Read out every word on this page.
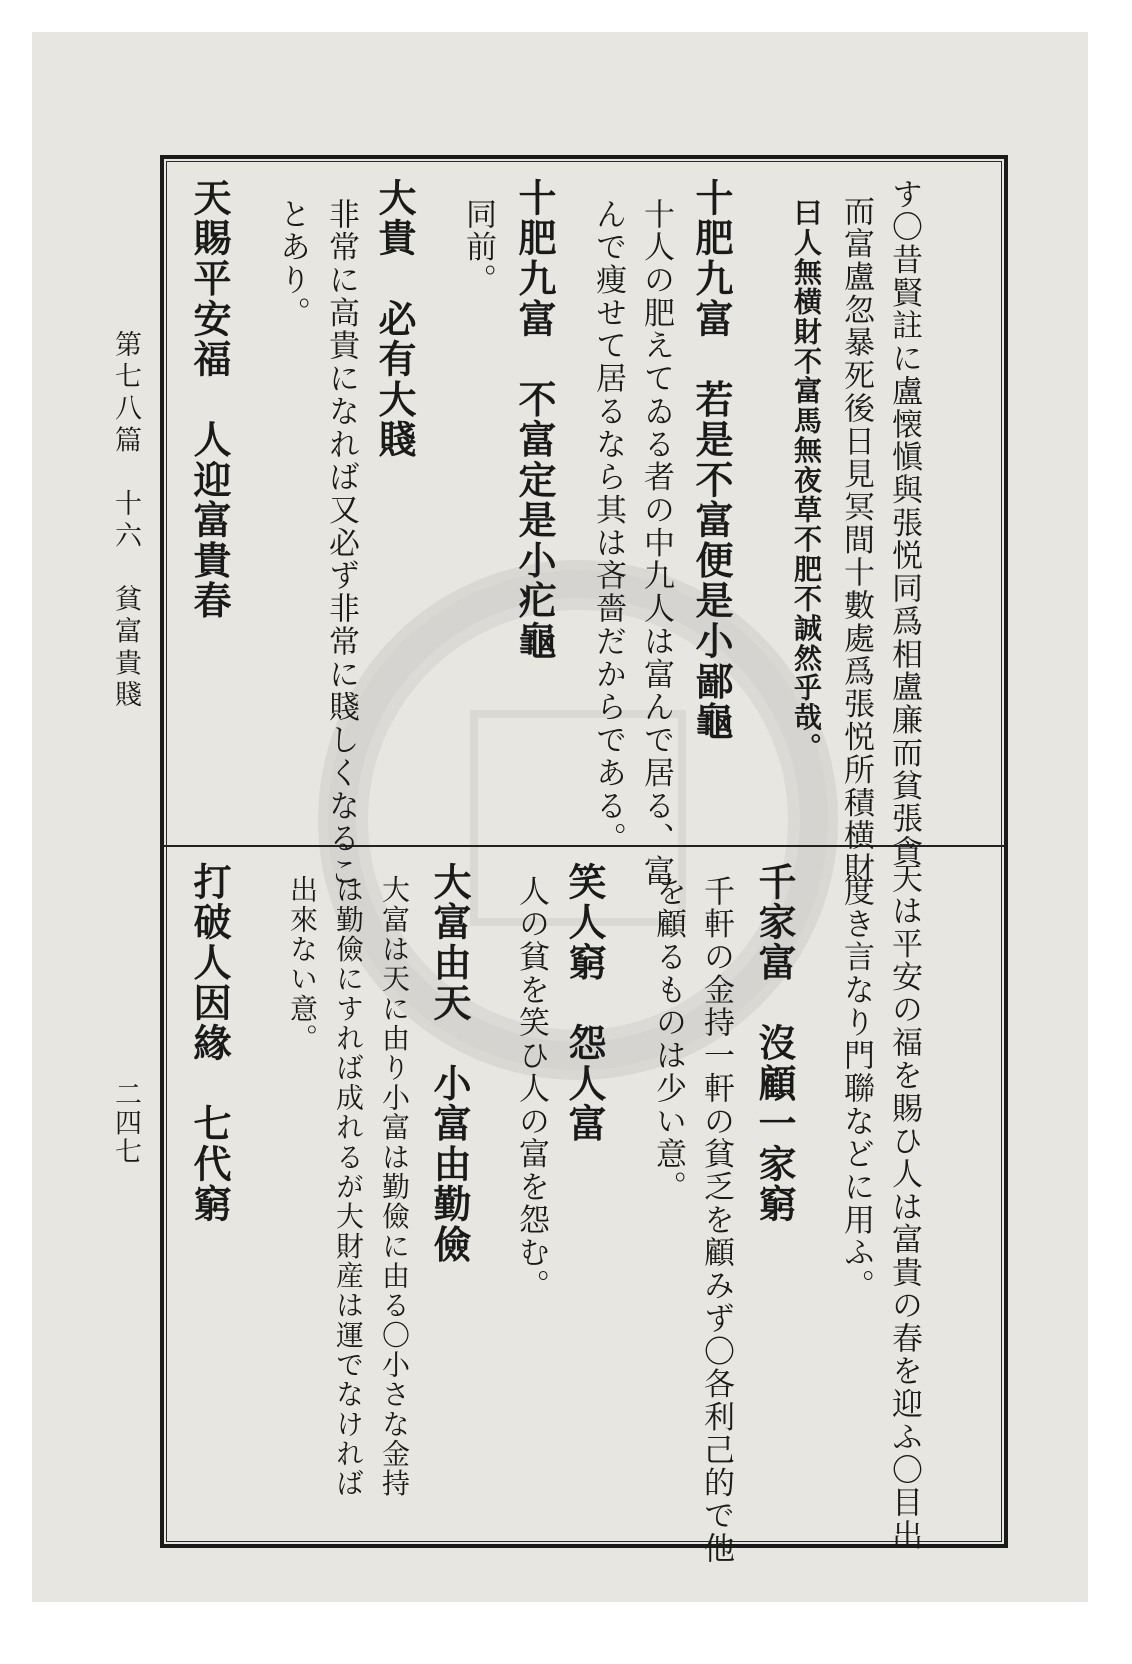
第七八篇　十六　貧富貴賤
二四七
す〇昔賢註に盧懐愼與張悦同爲相盧廉而貧張貪
而富盧忽暴死後日見冥間十數處爲張悦所積横財
曰人無横財不富馬無夜草不肥不誠然乎哉。
十肥九富　若是不富便是小鄙龜
十人の肥えてゐる者の中九人は富んで居る、富
んで痩せて居るなら其は吝嗇だからである。
十肥九富　不富定是小疕龜
同前。
大貴　必有大賤
非常に高貴になれば又必ず非常に賤しくなるこ
とあり。
天賜平安福　人迎富貴春
天は平安の福を賜ひ人は富貴の春を迎ふ〇目出
度き言なり門聯などに用ふ。
千家富　沒顧一家窮
千軒の金持一軒の貧乏を顧みず〇各利己的で他
を顧るものは少い意。
笑人窮　怨人富
人の貧を笑ひ人の富を怨む。
大富由天　小富由勤儉
大富は天に由り小富は勤儉に由る〇小さな金持
は勤儉にすれば成れるが大財産は運でなければ
出來ない意。
打破人因緣　七代窮
